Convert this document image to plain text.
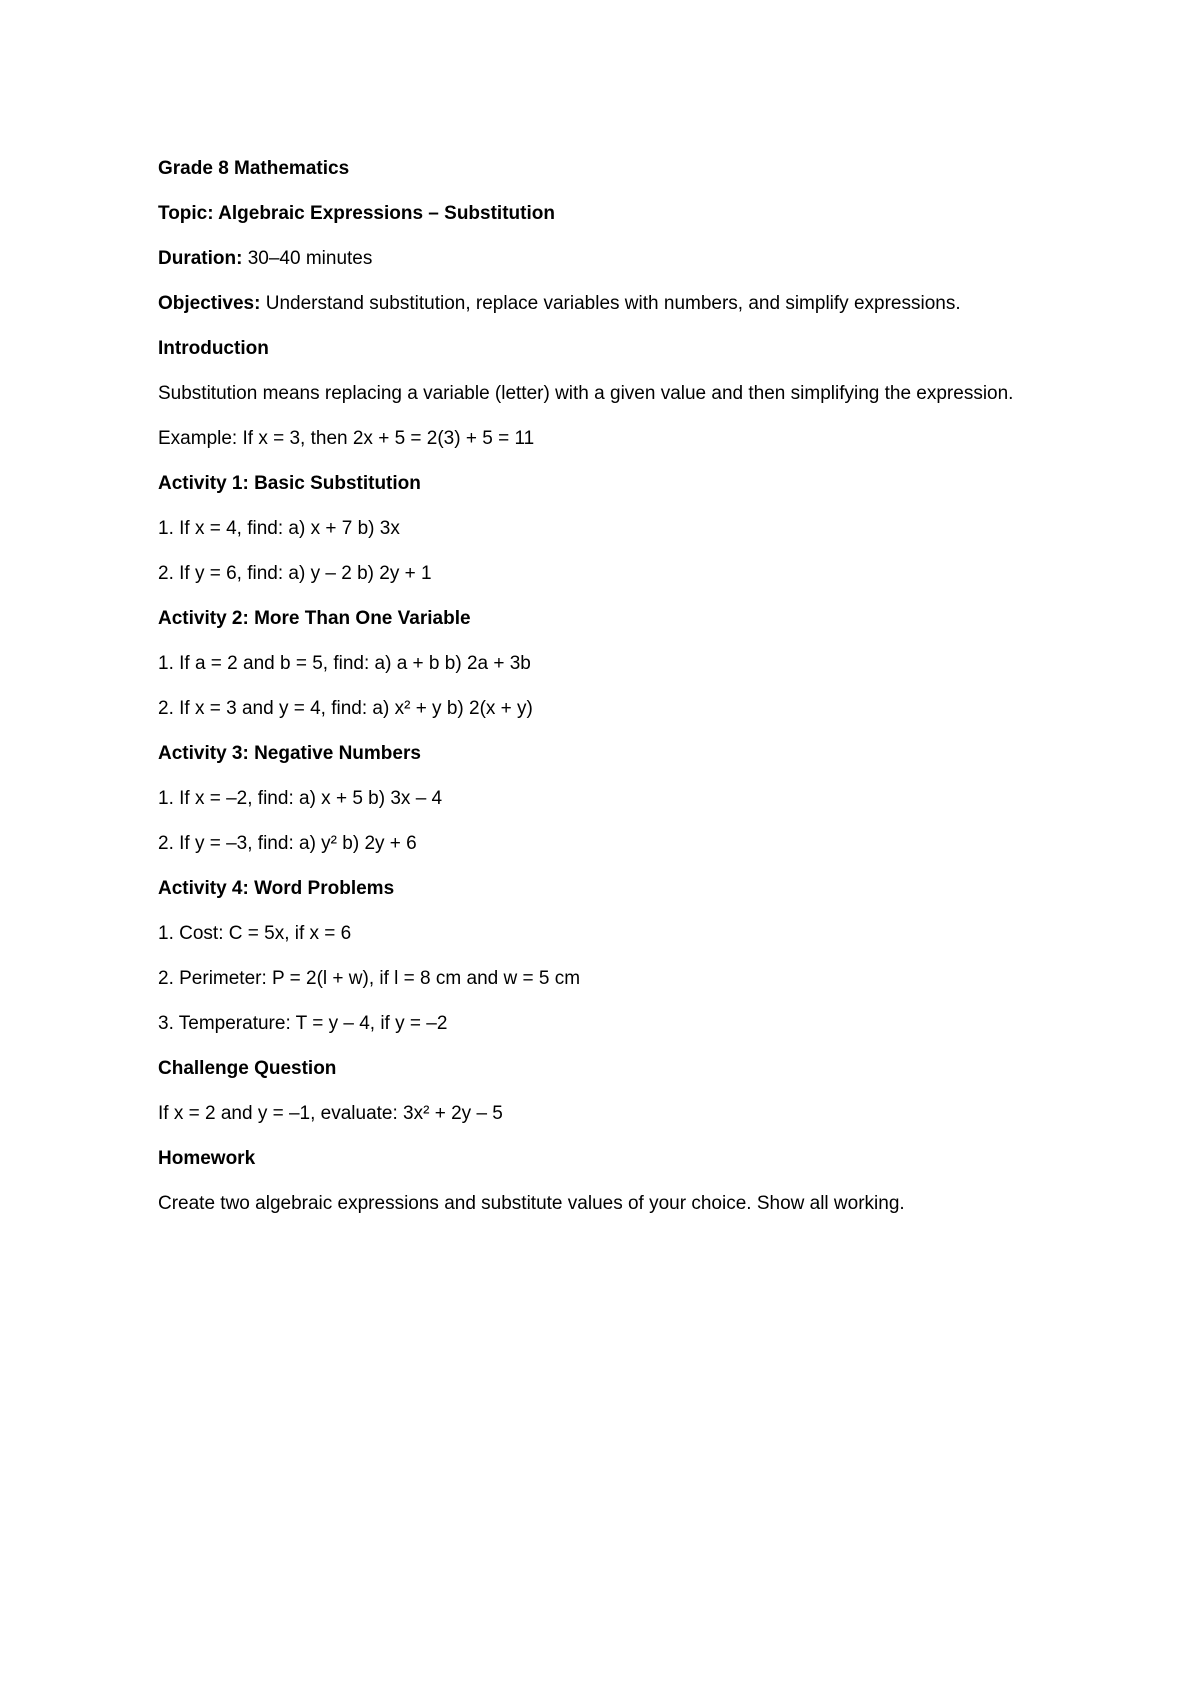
Grade 8 Mathematics
Topic: Algebraic Expressions – Substitution
Duration: 30–40 minutes
Objectives: Understand substitution, replace variables with numbers, and simplify expressions.
Introduction
Substitution means replacing a variable (letter) with a given value and then simplifying the expression.
Example: If x = 3, then 2x + 5 = 2(3) + 5 = 11
Activity 1: Basic Substitution
1. If x = 4, find: a) x + 7 b) 3x
2. If y = 6, find: a) y – 2 b) 2y + 1
Activity 2: More Than One Variable
1. If a = 2 and b = 5, find: a) a + b b) 2a + 3b
2. If x = 3 and y = 4, find: a) x² + y b) 2(x + y)
Activity 3: Negative Numbers
1. If x = –2, find: a) x + 5 b) 3x – 4
2. If y = –3, find: a) y² b) 2y + 6
Activity 4: Word Problems
1. Cost: C = 5x, if x = 6
2. Perimeter: P = 2(l + w), if l = 8 cm and w = 5 cm
3. Temperature: T = y – 4, if y = –2
Challenge Question
If x = 2 and y = –1, evaluate: 3x² + 2y – 5
Homework
Create two algebraic expressions and substitute values of your choice. Show all working.
